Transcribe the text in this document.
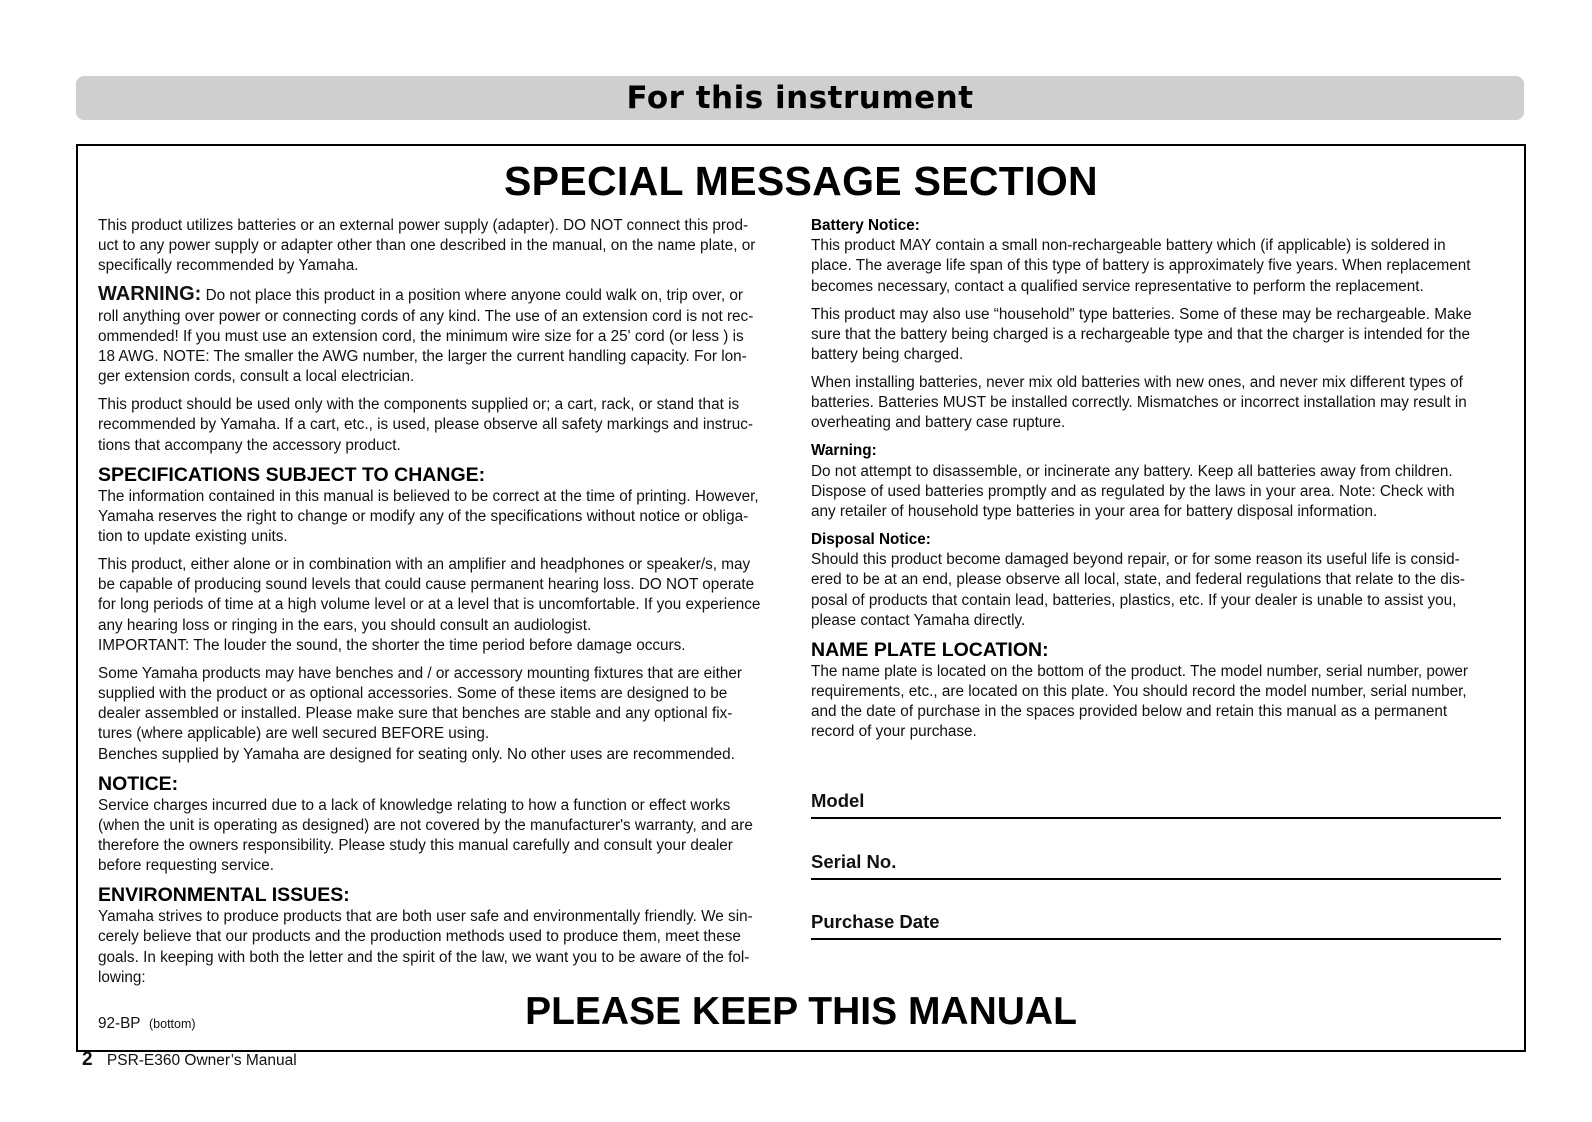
For this instrument
SPECIAL MESSAGE SECTION

This product utilizes batteries or an external power supply (adapter). DO NOT connect this prod-

uct to any power supply or adapter other than one described in the manual, on the name plate, or

specifically recommended by Yamaha.

WARNING: Do not place this product in a position where anyone could walk on, trip over, or

roll anything over power or connecting cords of any kind. The use of an extension cord is not rec-

ommended! If you must use an extension cord, the minimum wire size for a 25' cord (or less ) is

18 AWG. NOTE: The smaller the AWG number, the larger the current handling capacity. For lon-

ger extension cords, consult a local electrician.

This product should be used only with the components supplied or; a cart, rack, or stand that is

recommended by Yamaha. If a cart, etc., is used, please observe all safety markings and instruc-

tions that accompany the accessory product.

SPECIFICATIONS SUBJECT TO CHANGE:

The information contained in this manual is believed to be correct at the time of printing. However,

Yamaha reserves the right to change or modify any of the specifications without notice or obliga-

tion to update existing units.

This product, either alone or in combination with an amplifier and headphones or speaker/s, may

be capable of producing sound levels that could cause permanent hearing loss. DO NOT operate

for long periods of time at a high volume level or at a level that is uncomfortable. If you experience

any hearing loss or ringing in the ears, you should consult an audiologist.

IMPORTANT: The louder the sound, the shorter the time period before damage occurs.

Some Yamaha products may have benches and / or accessory mounting fixtures that are either

supplied with the product or as optional accessories. Some of these items are designed to be

dealer assembled or installed. Please make sure that benches are stable and any optional fix-

tures (where applicable) are well secured BEFORE using.

Benches supplied by Yamaha are designed for seating only. No other uses are recommended.

NOTICE:

Service charges incurred due to a lack of knowledge relating to how a function or effect works

(when the unit is operating as designed) are not covered by the manufacturer's warranty, and are

therefore the owners responsibility. Please study this manual carefully and consult your dealer

before requesting service.

ENVIRONMENTAL ISSUES:

Yamaha strives to produce products that are both user safe and environmentally friendly. We sin-

cerely believe that our products and the production methods used to produce them, meet these

goals. In keeping with both the letter and the spirit of the law, we want you to be aware of the fol-

lowing:

Battery Notice:

This product MAY contain a small non-rechargeable battery which (if applicable) is soldered in

place. The average life span of this type of battery is approximately five years. When replacement

becomes necessary, contact a qualified service representative to perform the replacement.

This product may also use “household” type batteries. Some of these may be rechargeable. Make

sure that the battery being charged is a rechargeable type and that the charger is intended for the

battery being charged.

When installing batteries, never mix old batteries with new ones, and never mix different types of

batteries. Batteries MUST be installed correctly. Mismatches or incorrect installation may result in

overheating and battery case rupture.

Warning:

Do not attempt to disassemble, or incinerate any battery. Keep all batteries away from children.

Dispose of used batteries promptly and as regulated by the laws in your area. Note: Check with

any retailer of household type batteries in your area for battery disposal information.

Disposal Notice:

Should this product become damaged beyond repair, or for some reason its useful life is consid-

ered to be at an end, please observe all local, state, and federal regulations that relate to the dis-

posal of products that contain lead, batteries, plastics, etc. If your dealer is unable to assist you,

please contact Yamaha directly.

NAME PLATE LOCATION:

The name plate is located on the bottom of the product. The model number, serial number, power

requirements, etc., are located on this plate. You should record the model number, serial number,

and the date of purchase in the spaces provided below and retain this manual as a permanent

record of your purchase.

Model
Serial No.
Purchase Date
92-BP (bottom)	PLEASE KEEP THIS MANUAL
2 PSR-E360 Owner’s Manual
